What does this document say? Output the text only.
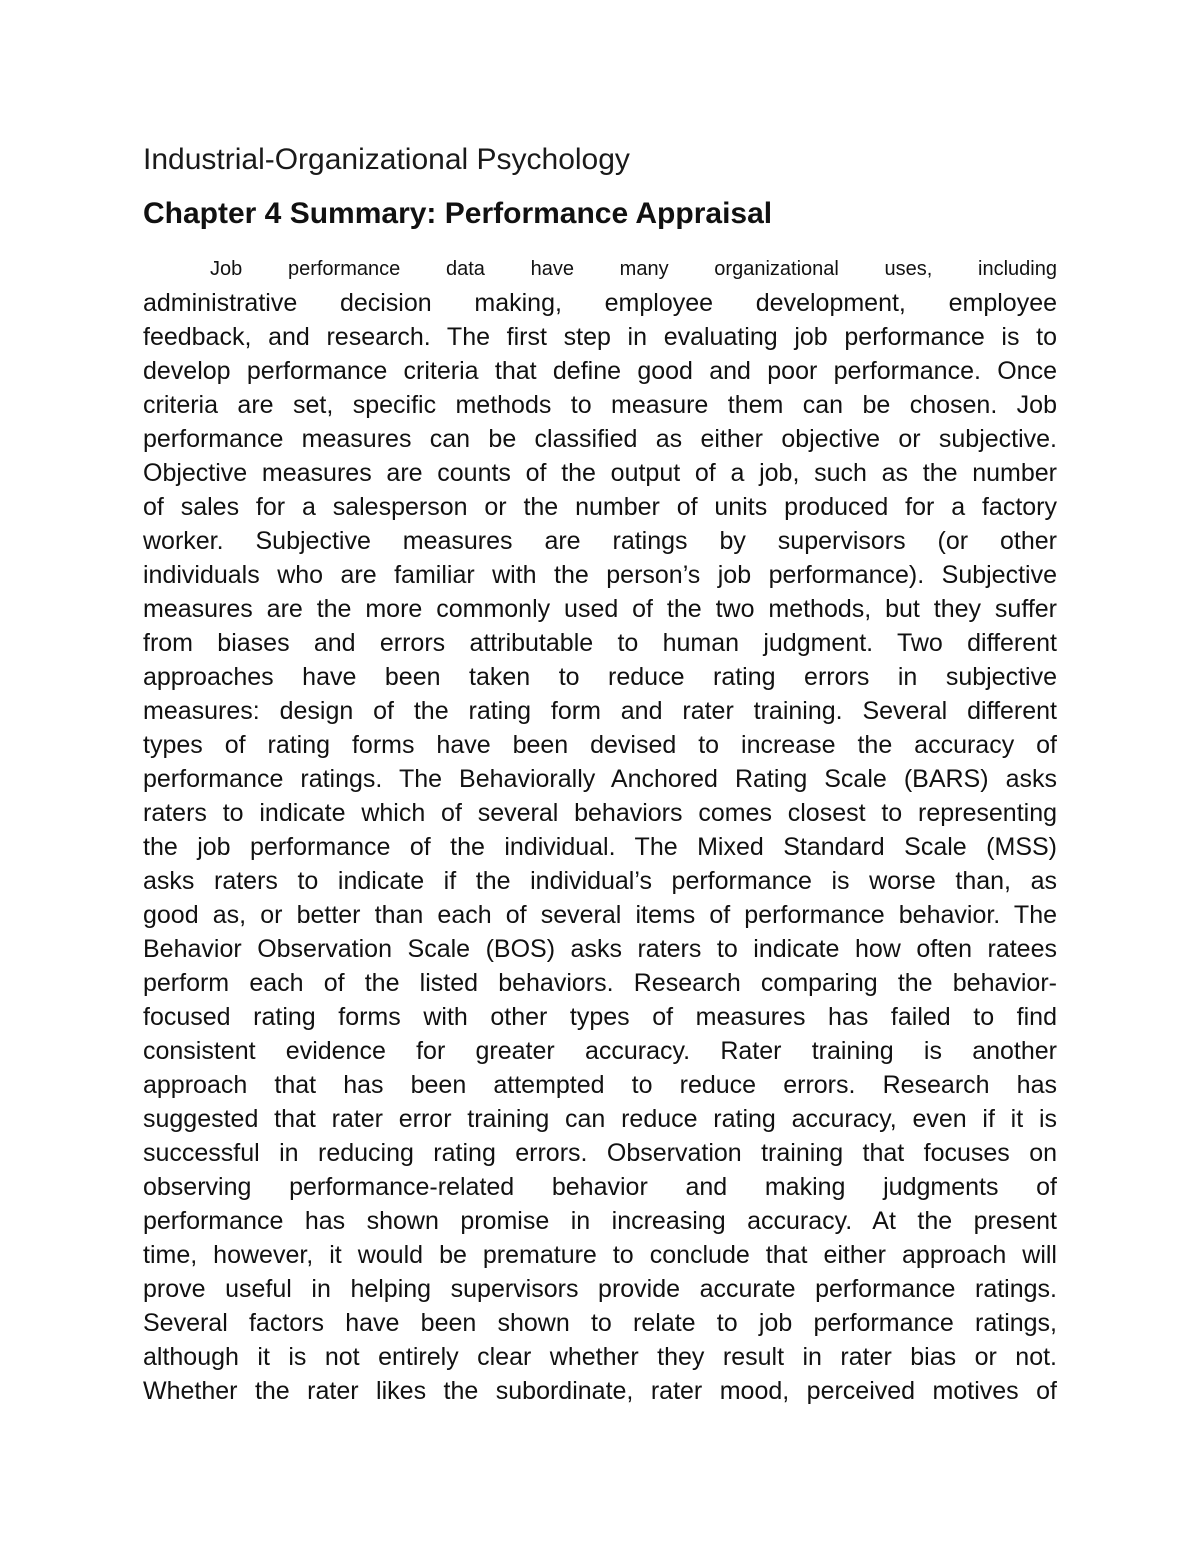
Industrial-Organizational Psychology
Chapter 4 Summary: Performance Appraisal
Job performance data have many organizational uses, including
administrative decision making, employee development, employee
feedback, and research. The first step in evaluating job performance is to
develop performance criteria that define good and poor performance. Once
criteria are set, specific methods to measure them can be chosen. Job
performance measures can be classified as either objective or subjective.
Objective measures are counts of the output of a job, such as the number
of sales for a salesperson or the number of units produced for a factory
worker. Subjective measures are ratings by supervisors (or other
individuals who are familiar with the person’s job performance). Subjective
measures are the more commonly used of the two methods, but they suffer
from biases and errors attributable to human judgment. Two different
approaches have been taken to reduce rating errors in subjective
measures: design of the rating form and rater training. Several different
types of rating forms have been devised to increase the accuracy of
performance ratings. The Behaviorally Anchored Rating Scale (BARS) asks
raters to indicate which of several behaviors comes closest to representing
the job performance of the individual. The Mixed Standard Scale (MSS)
asks raters to indicate if the individual’s performance is worse than, as
good as, or better than each of several items of performance behavior. The
Behavior Observation Scale (BOS) asks raters to indicate how often ratees
perform each of the listed behaviors. Research comparing the behavior-
focused rating forms with other types of measures has failed to find
consistent evidence for greater accuracy. Rater training is another
approach that has been attempted to reduce errors. Research has
suggested that rater error training can reduce rating accuracy, even if it is
successful in reducing rating errors. Observation training that focuses on
observing performance-related behavior and making judgments of
performance has shown promise in increasing accuracy. At the present
time, however, it would be premature to conclude that either approach will
prove useful in helping supervisors provide accurate performance ratings.
Several factors have been shown to relate to job performance ratings,
although it is not entirely clear whether they result in rater bias or not.
Whether the rater likes the subordinate, rater mood, perceived motives of
